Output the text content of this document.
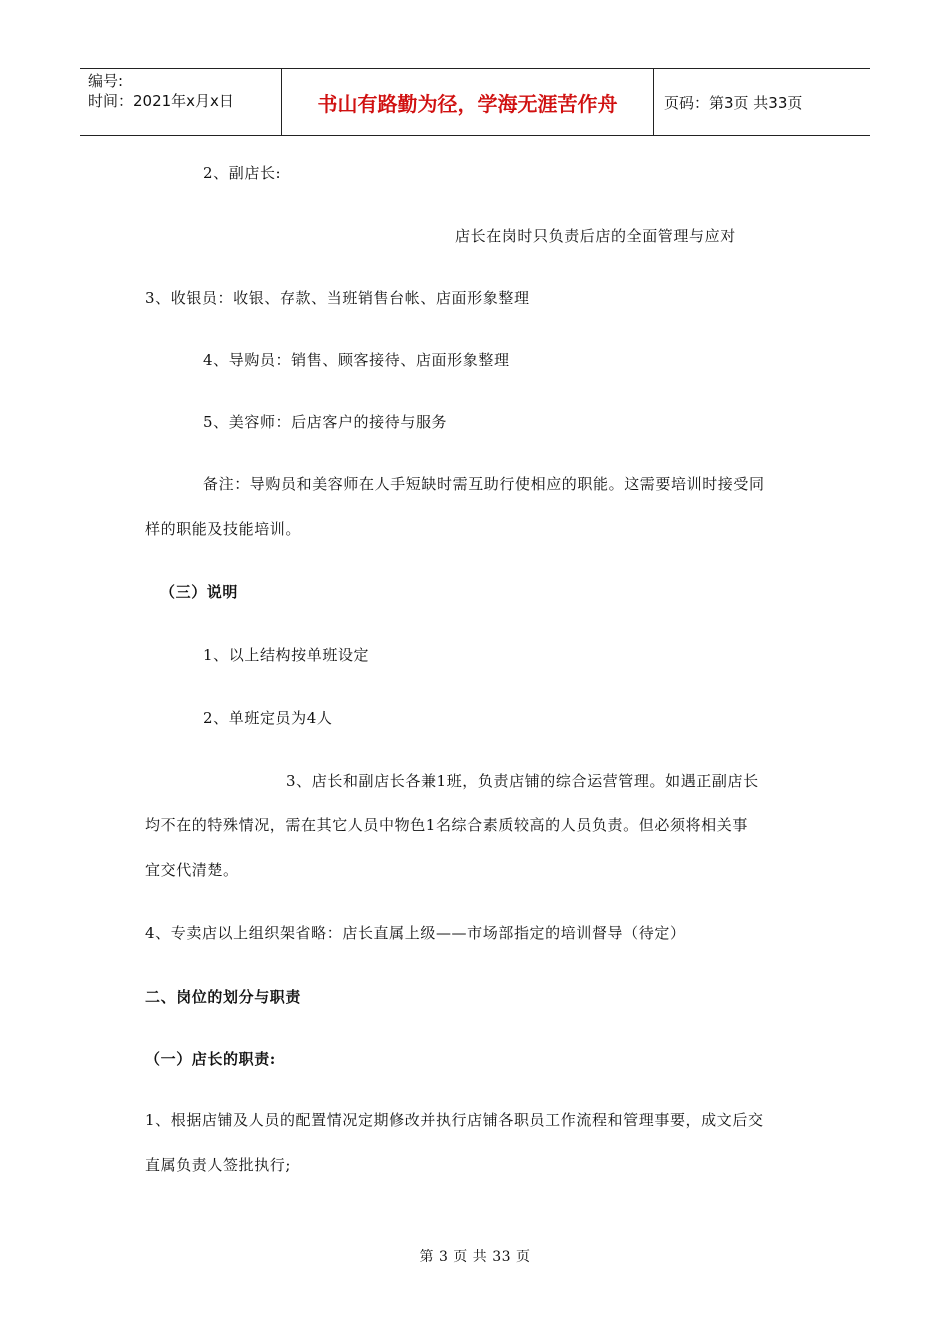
编号:
时间：2021年x月x日	书山有路勤为径，学海无涯苦作舟	页码：第3页 共33页
2、副店长:
店长在岗时只负责后店的全面管理与应对
3、收银员：收银、存款、当班销售台帐、店面形象整理
4、导购员：销售、顾客接待、店面形象整理
5、美容师：后店客户的接待与服务
备注：导购员和美容师在人手短缺时需互助行使相应的职能。这需要培训时接受同
样的职能及技能培训。
（三）说明
1、以上结构按单班设定
2、单班定员为4人
3、店长和副店长各兼1班，负责店铺的综合运营管理。如遇正副店长
均不在的特殊情况，需在其它人员中物色1名综合素质较高的人员负责。但必须将相关事
宜交代清楚。
4、专卖店以上组织架省略：店长直属上级——市场部指定的培训督导（待定）
二、岗位的划分与职责
（一）店长的职责:
1、根据店铺及人员的配置情况定期修改并执行店铺各职员工作流程和管理事要，成文后交
直属负责人签批执行;
第 3 页 共 33 页
